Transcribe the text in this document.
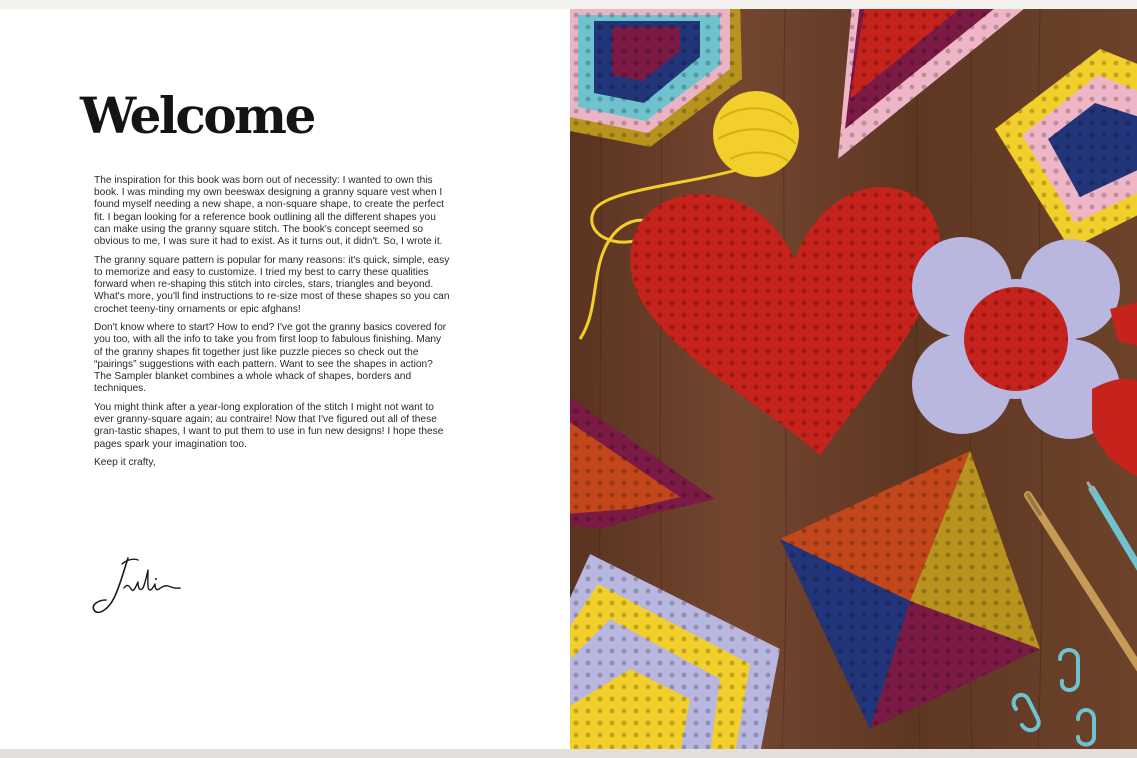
Welcome

The inspiration for this book was born out of necessity: I wanted to own this book. I was minding my own beeswax designing a granny square vest when I found myself needing a new shape, a non-square shape, to create the perfect fit. I began looking for a reference book outlining all the different shapes you can make using the granny square stitch. The book's concept seemed so obvious to me, I was sure it had to exist. As it turns out, it didn't. So, I wrote it.

The granny square pattern is popular for many reasons: it's quick, simple, easy to memorize and easy to customize. I tried my best to carry these qualities forward when re-shaping this stitch into circles, stars, triangles and beyond. What's more, you'll find instructions to re-size most of these shapes so you can crochet teeny-tiny ornaments or epic afghans!

Don't know where to start? How to end? I've got the granny basics covered for you too, with all the info to take you from first loop to fabulous finishing. Many of the granny shapes fit together just like puzzle pieces so check out the “pairings” suggestions with each pattern. Want to see the shapes in action? The Sampler blanket combines a whole whack of shapes, borders and techniques.

You might think after a year-long exploration of the stitch I might not want to ever granny-square again; au contraire! Now that I've figured out all of these gran-tastic shapes, I want to put them to use in fun new designs! I hope these pages spark your imagination too.

Keep it crafty,
